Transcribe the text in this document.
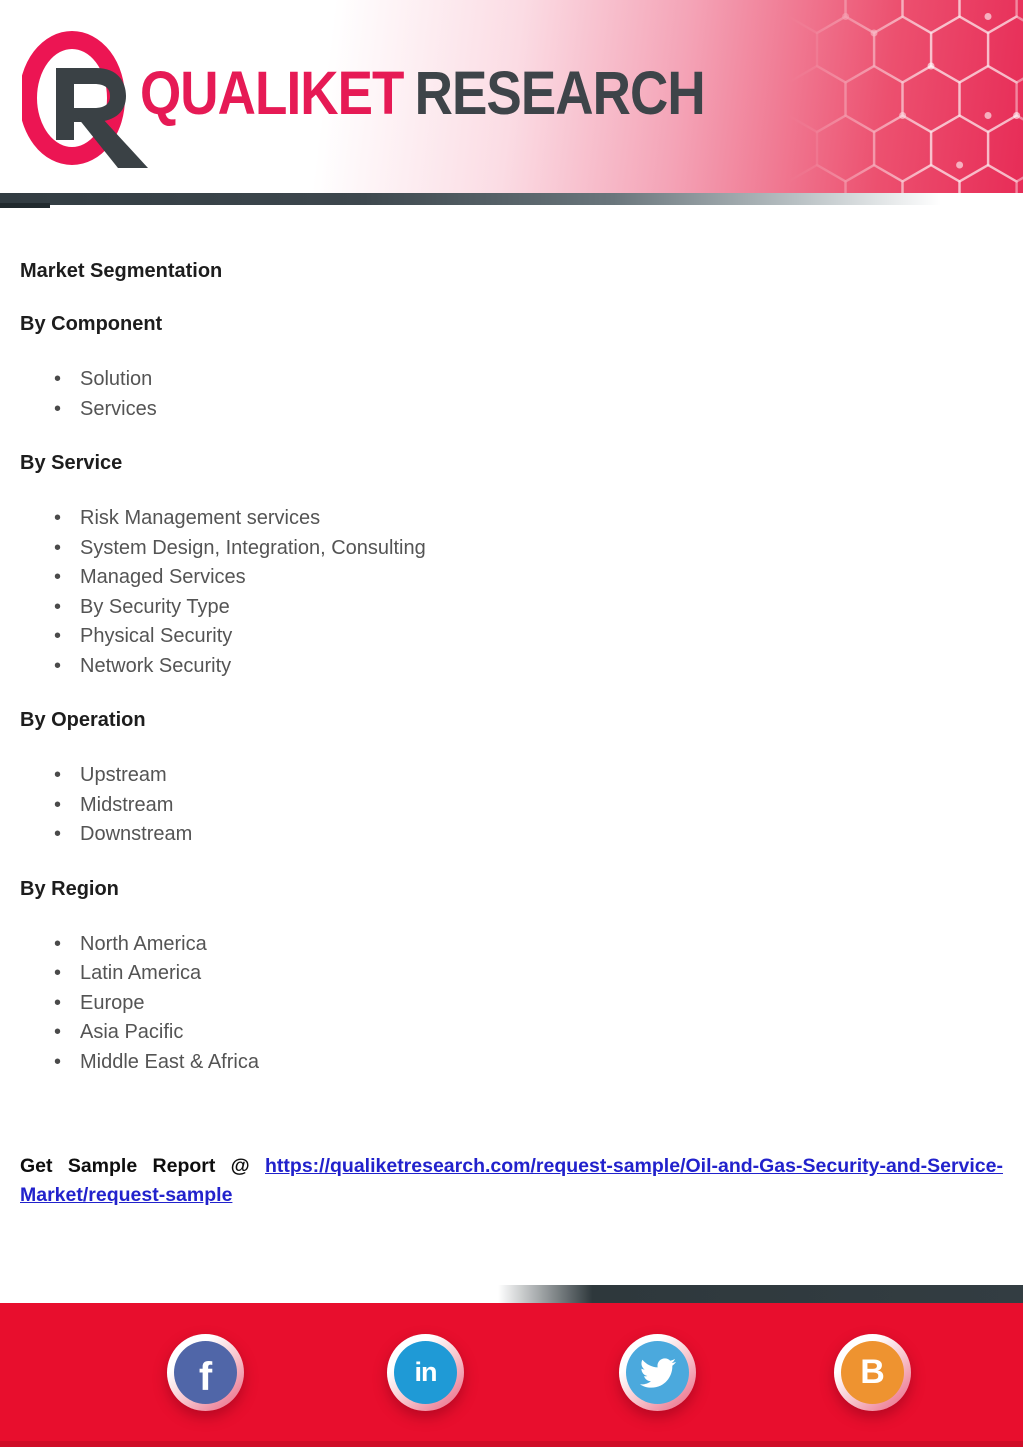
QUALIKET RESEARCH
Market Segmentation
By Component
• Solution
• Services
By Service
• Risk Management services
• System Design, Integration, Consulting
• Managed Services
• By Security Type
• Physical Security
• Network Security
By Operation
• Upstream
• Midstream
• Downstream
By Region
• North America
• Latin America
• Europe
• Asia Pacific
• Middle East & Africa

Get Sample Report @ https://qualiketresearch.com/request-sample/Oil-and-Gas-Security-and-Service-Market/request-sample

f	in	B
